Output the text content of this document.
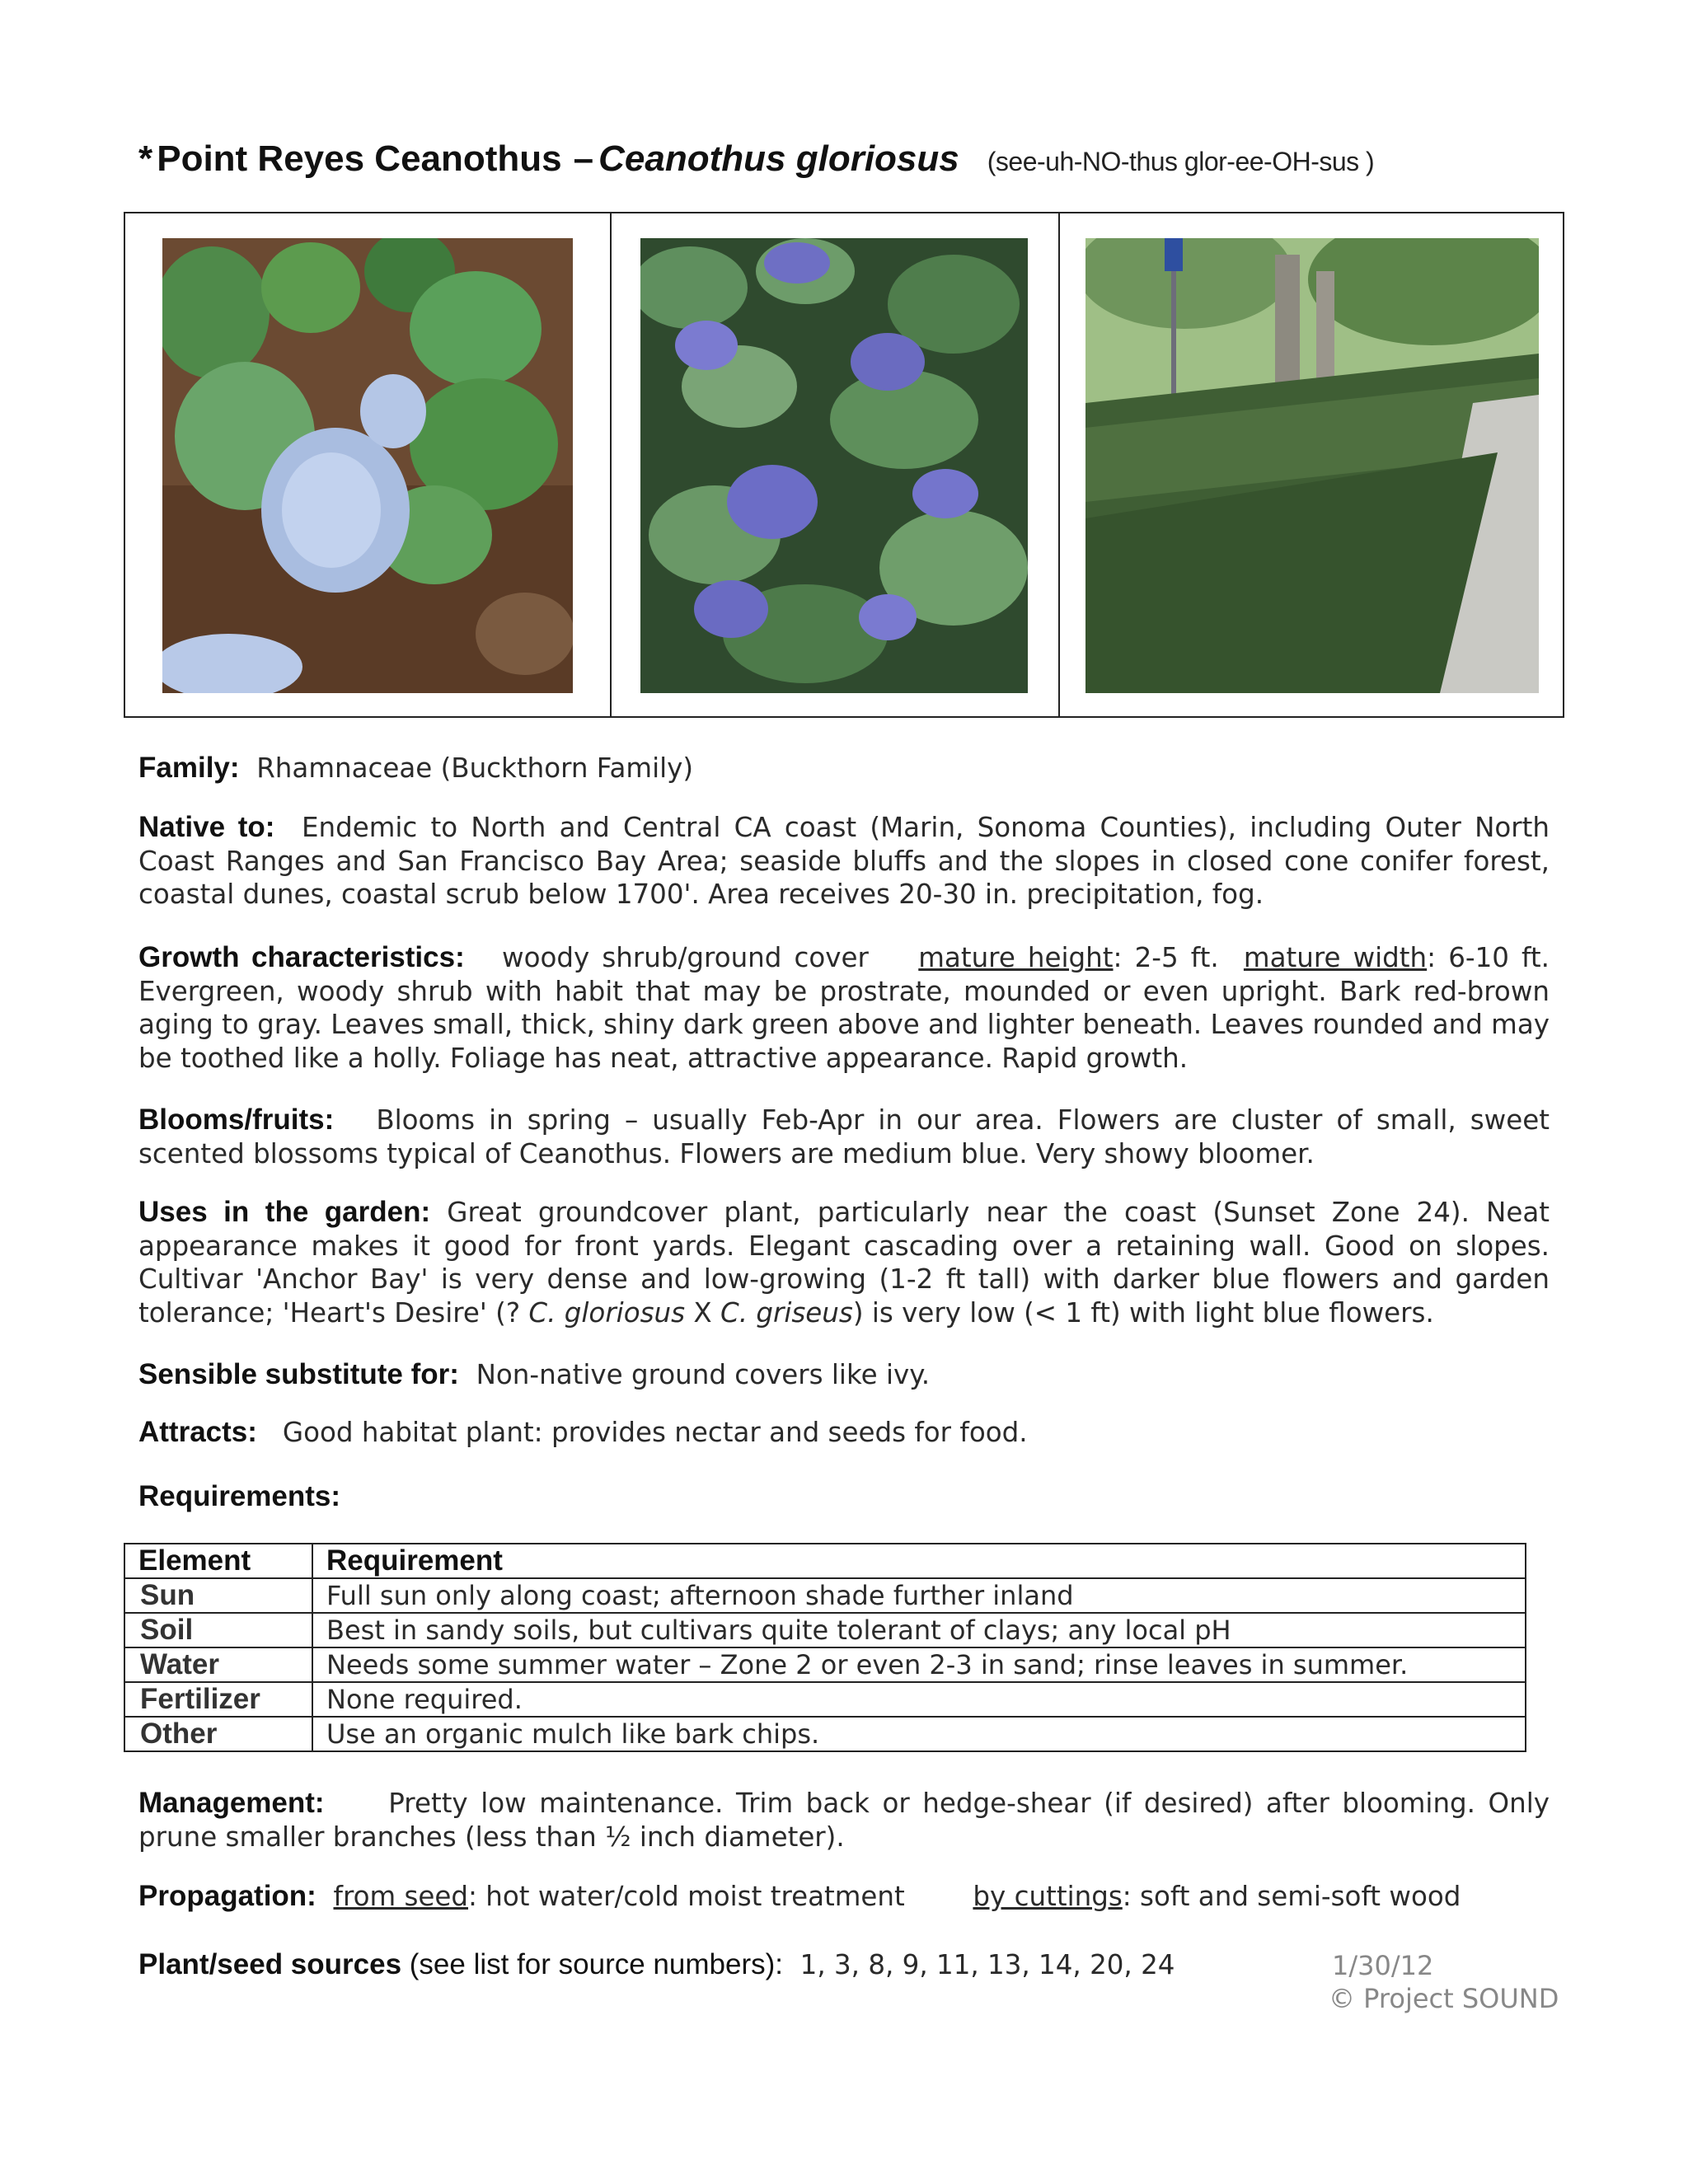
* Point Reyes Ceanothus – Ceanothus gloriosus (see-uh-NO-thus glor-ee-OH-sus )
Family: Rhamnaceae (Buckthorn Family)
Native to: Endemic to North and Central CA coast (Marin, Sonoma Counties), including Outer North Coast Ranges and San Francisco Bay Area; seaside bluffs and the slopes in closed cone conifer forest, coastal dunes, coastal scrub below 1700'. Area receives 20-30 in. precipitation, fog.
Growth characteristics: woody shrub/ground cover mature height: 2-5 ft. mature width: 6-10 ft. Evergreen, woody shrub with habit that may be prostrate, mounded or even upright. Bark red-brown aging to gray. Leaves small, thick, shiny dark green above and lighter beneath. Leaves rounded and may be toothed like a holly. Foliage has neat, attractive appearance. Rapid growth.
Blooms/fruits: Blooms in spring – usually Feb-Apr in our area. Flowers are cluster of small, sweet scented blossoms typical of Ceanothus. Flowers are medium blue. Very showy bloomer.
Uses in the garden: Great groundcover plant, particularly near the coast (Sunset Zone 24). Neat appearance makes it good for front yards. Elegant cascading over a retaining wall. Good on slopes. Cultivar 'Anchor Bay' is very dense and low-growing (1-2 ft tall) with darker blue flowers and garden tolerance; 'Heart's Desire' (? C. gloriosus X C. griseus) is very low (< 1 ft) with light blue flowers.
Sensible substitute for: Non-native ground covers like ivy.
Attracts: Good habitat plant: provides nectar and seeds for food.
Requirements:
Element	Requirement
Sun	Full sun only along coast; afternoon shade further inland
Soil	Best in sandy soils, but cultivars quite tolerant of clays; any local pH
Water	Needs some summer water – Zone 2 or even 2-3 in sand; rinse leaves in summer.
Fertilizer	None required.
Other	Use an organic mulch like bark chips.
Management: Pretty low maintenance. Trim back or hedge-shear (if desired) after blooming. Only prune smaller branches (less than ½ inch diameter).
Propagation: from seed: hot water/cold moist treatment	by cuttings: soft and semi-soft wood
Plant/seed sources (see list for source numbers): 1, 3, 8, 9, 11, 13, 14, 20, 24	1/30/12
© Project SOUND
